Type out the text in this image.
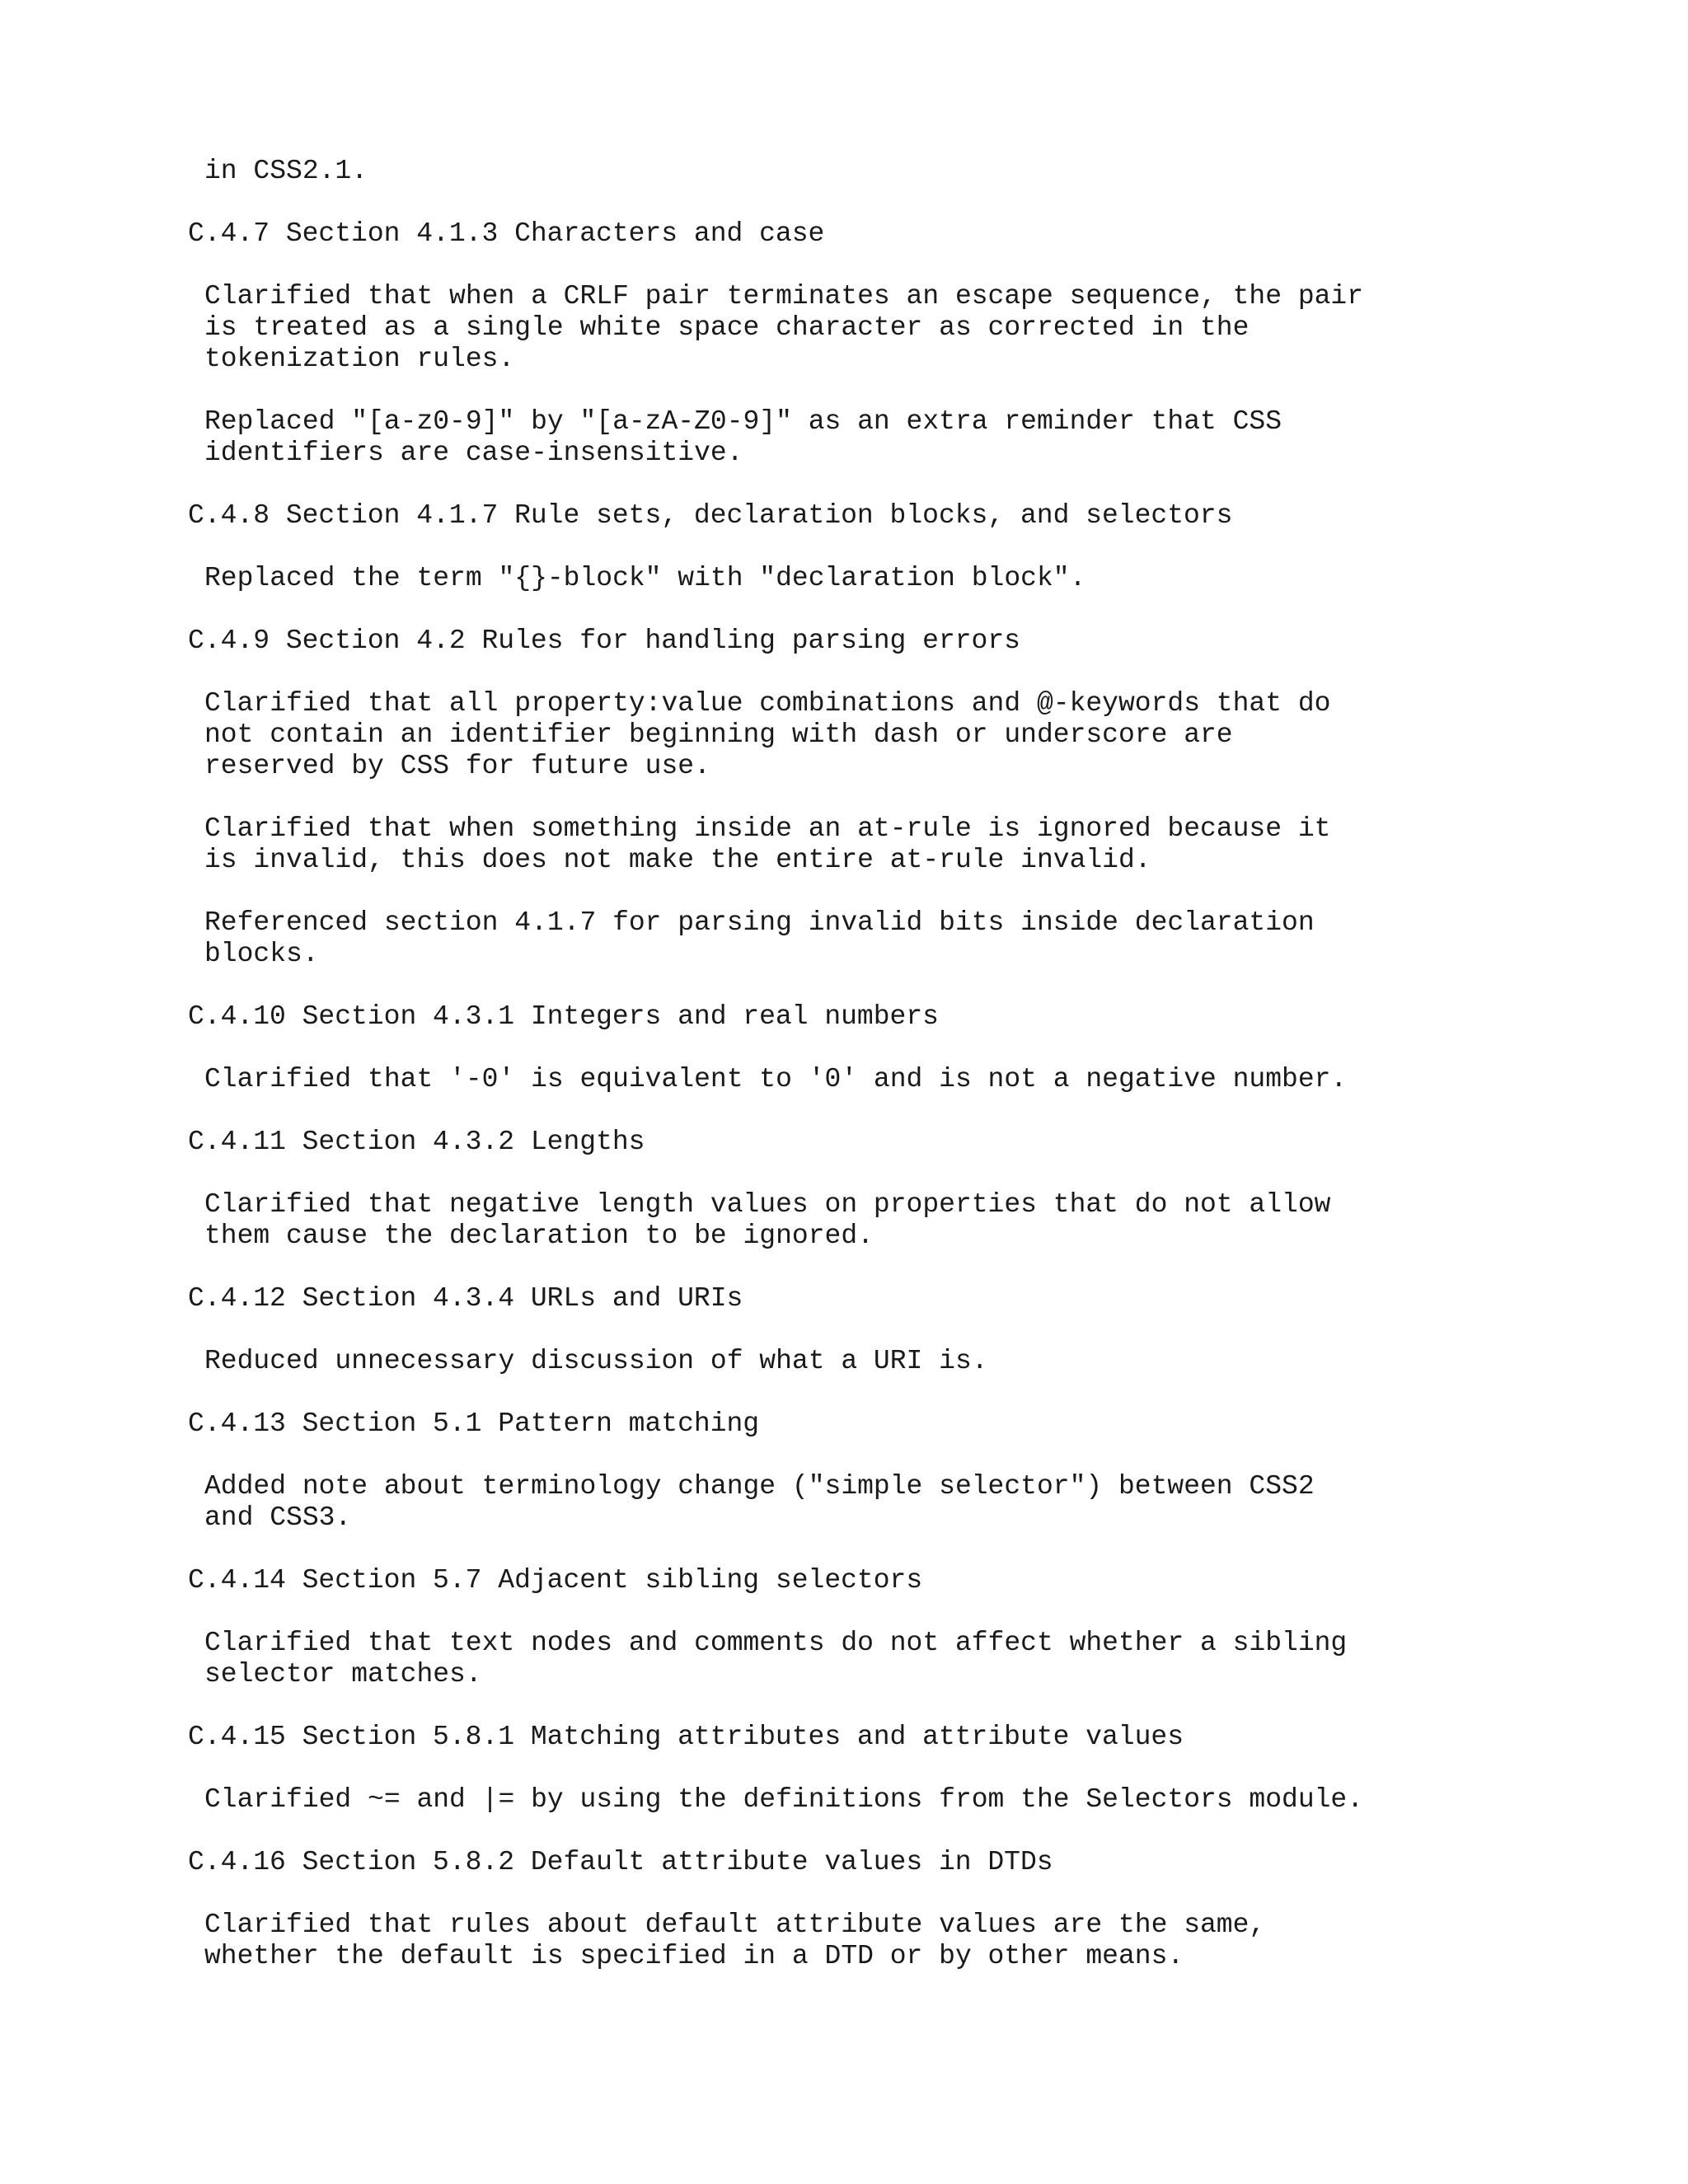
in CSS2.1.
C.4.7 Section 4.1.3 Characters and case
Clarified that when a CRLF pair terminates an escape sequence, the pair
is treated as a single white space character as corrected in the
tokenization rules.
Replaced "[a-z0-9]" by "[a-zA-Z0-9]" as an extra reminder that CSS
identifiers are case-insensitive.
C.4.8 Section 4.1.7 Rule sets, declaration blocks, and selectors
Replaced the term "{}-block" with "declaration block".
C.4.9 Section 4.2 Rules for handling parsing errors
Clarified that all property:value combinations and @-keywords that do
not contain an identifier beginning with dash or underscore are
reserved by CSS for future use.
Clarified that when something inside an at-rule is ignored because it
is invalid, this does not make the entire at-rule invalid.
Referenced section 4.1.7 for parsing invalid bits inside declaration
blocks.
C.4.10 Section 4.3.1 Integers and real numbers
Clarified that '-0' is equivalent to '0' and is not a negative number.
C.4.11 Section 4.3.2 Lengths
Clarified that negative length values on properties that do not allow
them cause the declaration to be ignored.
C.4.12 Section 4.3.4 URLs and URIs
Reduced unnecessary discussion of what a URI is.
C.4.13 Section 5.1 Pattern matching
Added note about terminology change ("simple selector") between CSS2
and CSS3.
C.4.14 Section 5.7 Adjacent sibling selectors
Clarified that text nodes and comments do not affect whether a sibling
selector matches.
C.4.15 Section 5.8.1 Matching attributes and attribute values
Clarified ~= and |= by using the definitions from the Selectors module.
C.4.16 Section 5.8.2 Default attribute values in DTDs
Clarified that rules about default attribute values are the same,
whether the default is specified in a DTD or by other means.
